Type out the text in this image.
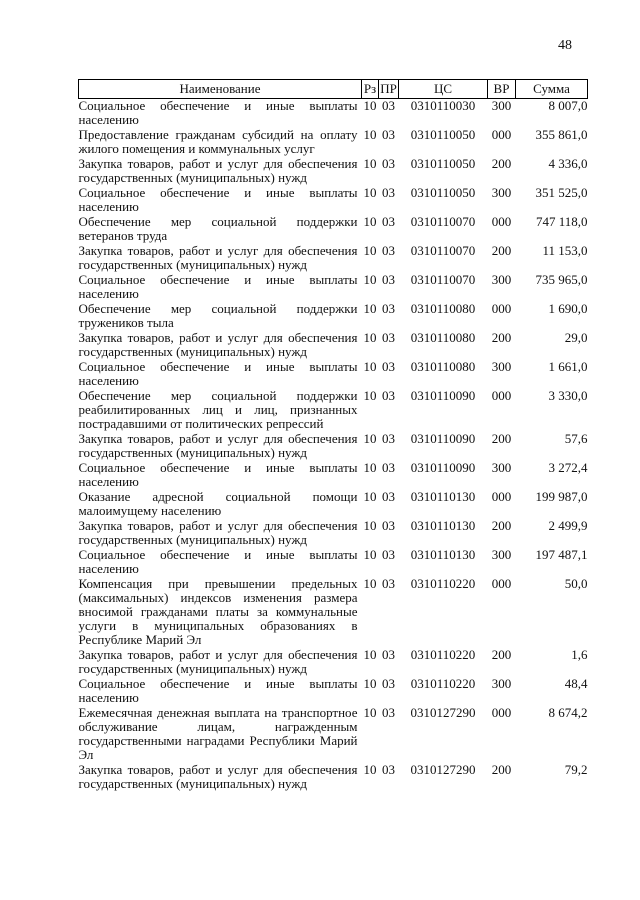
48
Наименование	Рз	ПР	ЦС	ВР	Сумма
Социальное обеспечение и иные выплаты населению	10	03	0310110030	300	8 007,0
Предоставление гражданам субсидий на оплату жилого помещения и коммунальных услуг	10	03	0310110050	000	355 861,0
Закупка товаров, работ и услуг для обеспечения государственных (муниципальных) нужд	10	03	0310110050	200	4 336,0
Социальное обеспечение и иные выплаты населению	10	03	0310110050	300	351 525,0
Обеспечение мер социальной поддержки ветеранов труда	10	03	0310110070	000	747 118,0
Закупка товаров, работ и услуг для обеспечения государственных (муниципальных) нужд	10	03	0310110070	200	11 153,0
Социальное обеспечение и иные выплаты населению	10	03	0310110070	300	735 965,0
Обеспечение мер социальной поддержки тружеников тыла	10	03	0310110080	000	1 690,0
Закупка товаров, работ и услуг для обеспечения государственных (муниципальных) нужд	10	03	0310110080	200	29,0
Социальное обеспечение и иные выплаты населению	10	03	0310110080	300	1 661,0
Обеспечение мер социальной поддержки реабилитированных лиц и лиц, признанных пострадавшими от политических репрессий	10	03	0310110090	000	3 330,0
Закупка товаров, работ и услуг для обеспечения государственных (муниципальных) нужд	10	03	0310110090	200	57,6
Социальное обеспечение и иные выплаты населению	10	03	0310110090	300	3 272,4
Оказание адресной социальной помощи малоимущему населению	10	03	0310110130	000	199 987,0
Закупка товаров, работ и услуг для обеспечения государственных (муниципальных) нужд	10	03	0310110130	200	2 499,9
Социальное обеспечение и иные выплаты населению	10	03	0310110130	300	197 487,1
Компенсация при превышении предельных (максимальных) индексов изменения размера вносимой гражданами платы за коммунальные услуги в муниципальных образованиях в Республике Марий Эл	10	03	0310110220	000	50,0
Закупка товаров, работ и услуг для обеспечения государственных (муниципальных) нужд	10	03	0310110220	200	1,6
Социальное обеспечение и иные выплаты населению	10	03	0310110220	300	48,4
Ежемесячная денежная выплата на транспортное обслуживание лицам, награжденным государственными наградами Республики Марий Эл	10	03	0310127290	000	8 674,2
Закупка товаров, работ и услуг для обеспечения государственных (муниципальных) нужд	10	03	0310127290	200	79,2
